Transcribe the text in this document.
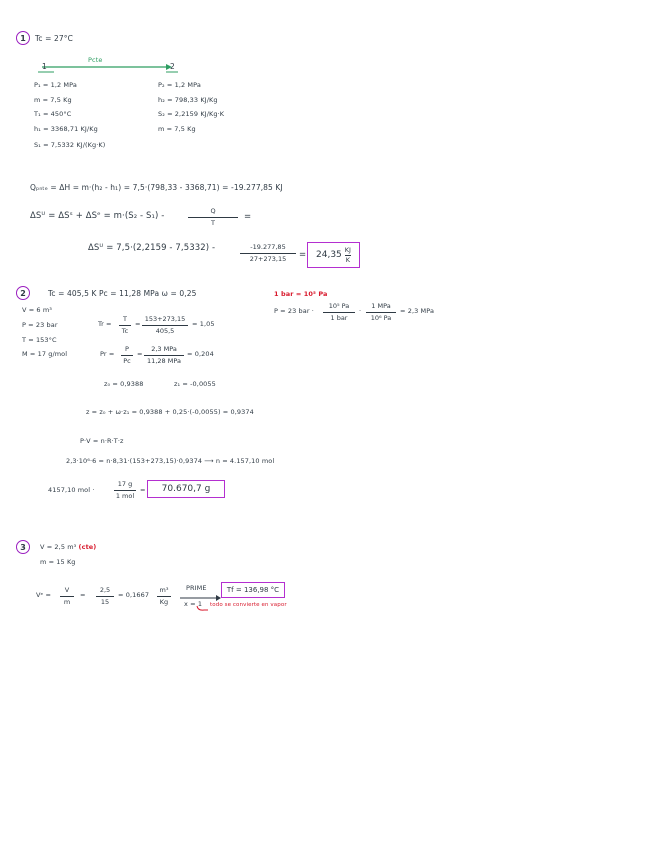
1	Tc = 27°C
Pcte
1	2
P₁ = 1,2 MPa
m = 7,5 Kg
T₁ = 450°C
h₁ = 3368,71 KJ/Kg
S₁ = 7,5332 KJ/(Kg·K)
P₂ = 1,2 MPa
h₂ = 798,33 KJ/Kg
S₂ = 2,2159 KJ/Kg·K
m = 7,5 Kg
Qₚₙₜₑ = ΔH = m·(h₂ - h₁) = 7,5·(798,33 - 3368,71) = -19.277,85 KJ
ΔSᵁ = ΔSˢ + ΔSᵉ = m·(S₂ - S₁) -	Q
T
=
ΔSᵁ = 7,5·(2,2159 - 7,5332) -	-19.277,85
$27+273,15 = 24,35 \frac{KJ}{K}$
2	Tc = 405,5 K Pc = 11,28 MPa ω = 0,25	1 bar = 10⁵ Pa
P = 23 bar ·
10⁵ Pa
1 bar
·
1 MPa
10⁶ Pa
= 2,3 MPa
V = 6 m³
P = 23 bar
T = 153°C
M = 17 g/mol
Tr =
T
Tc
=
153+273,15
405,5
= 1,05
Pr =
P
Pc
=
2,3 MPa
11,28 MPa
= 0,204
z₀ = 0,9388	z₁ = -0,0055
z = z₀ + ω·z₁ = 0,9388 + 0,25·(-0,0055) = 0,9374
P·V = n·R·T·z
2,3·10⁶·6 = n·8,31·(153+273,15)·0,9374 ⟶ n = 4.157,10 mol
4157,10 mol ·
17 g
1 mol
=	70.670,7 g
3	V = 2,5 m³ (cte)
m = 15 Kg
Vᵉ =
V
m
=
2,5
15
= 0,1667
m³
Kg
PRIME
x = 1 todo se convierte en vapor
Tf = 136,98 °C
